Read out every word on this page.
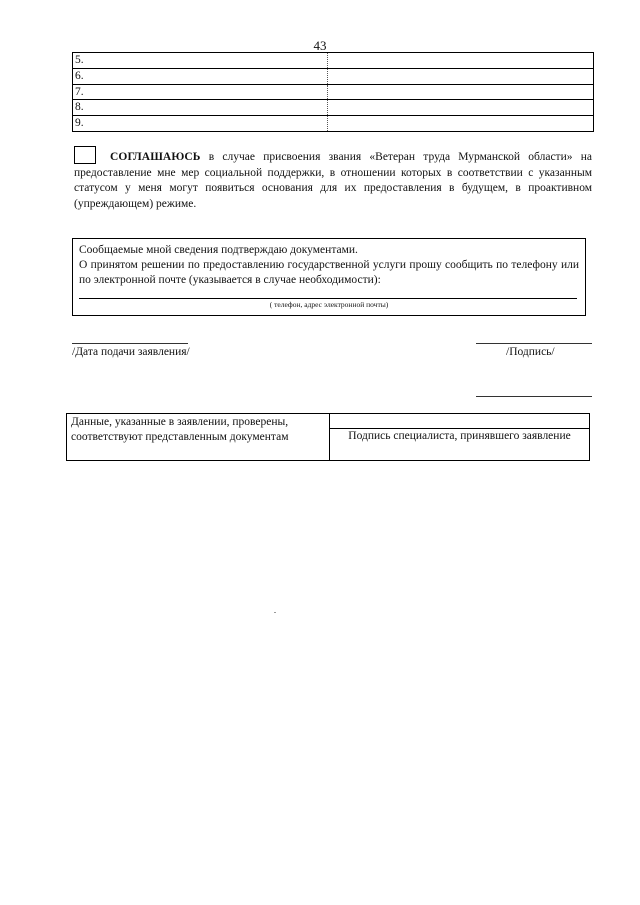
43
5.
6.
7.
8.
9.
СОГЛАШАЮСЬ в случае присвоения звания «Ветеран труда Мурманской области» на предоставление мне мер социальной поддержки, в отношении которых в соответствии с указанным статусом у меня могут появиться основания для их предоставления в будущем, в проактивном (упреждающем) режиме.
Сообщаемые мной сведения подтверждаю документами.
О принятом решении по предоставлению государственной услуги прошу сообщить по телефону или по электронной почте (указывается в случае необходимости):
( телефон, адрес электронной почты)
/Дата подачи заявления/	/Подпись/
Данные, указанные в заявлении, проверены,
соответствуют представленным документам	Подпись специалиста, принявшего заявление
